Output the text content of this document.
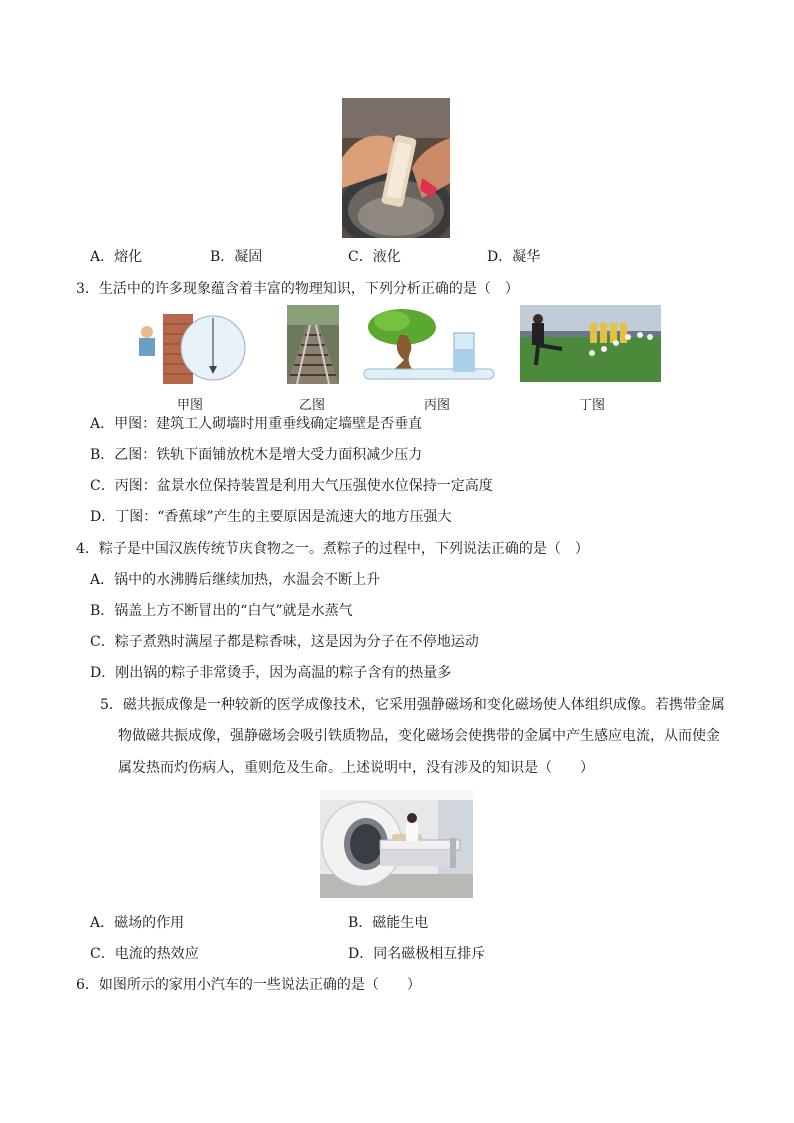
A．熔化	B．凝固	C．液化	D．凝华
3．生活中的许多现象蕴含着丰富的物理知识，下列分析正确的是（　）
甲图	乙图	丙图	丁图
A．甲图：建筑工人砌墙时用重垂线确定墙壁是否垂直
B．乙图：铁轨下面铺放枕木是增大受力面积减少压力
C．丙图：盆景水位保持装置是利用大气压强使水位保持一定高度
D．丁图：“香蕉球”产生的主要原因是流速大的地方压强大
4．粽子是中国汉族传统节庆食物之一。煮粽子的过程中，下列说法正确的是（　）
A．锅中的水沸腾后继续加热，水温会不断上升
B．锅盖上方不断冒出的“白气”就是水蒸气
C．粽子煮熟时满屋子都是粽香味，这是因为分子在不停地运动
D．刚出锅的粽子非常烫手，因为高温的粽子含有的热量多
5．磁共振成像是一种较新的医学成像技术，它采用强静磁场和变化磁场使人体组织成像。若携带金属
物做磁共振成像，强静磁场会吸引铁质物品，变化磁场会使携带的金属中产生感应电流，从而使金
属发热而灼伤病人，重则危及生命。上述说明中，没有涉及的知识是（　　）
A．磁场的作用	B．磁能生电
C．电流的热效应	D．同名磁极相互排斥
6．如图所示的家用小汽车的一些说法正确的是（　　）
